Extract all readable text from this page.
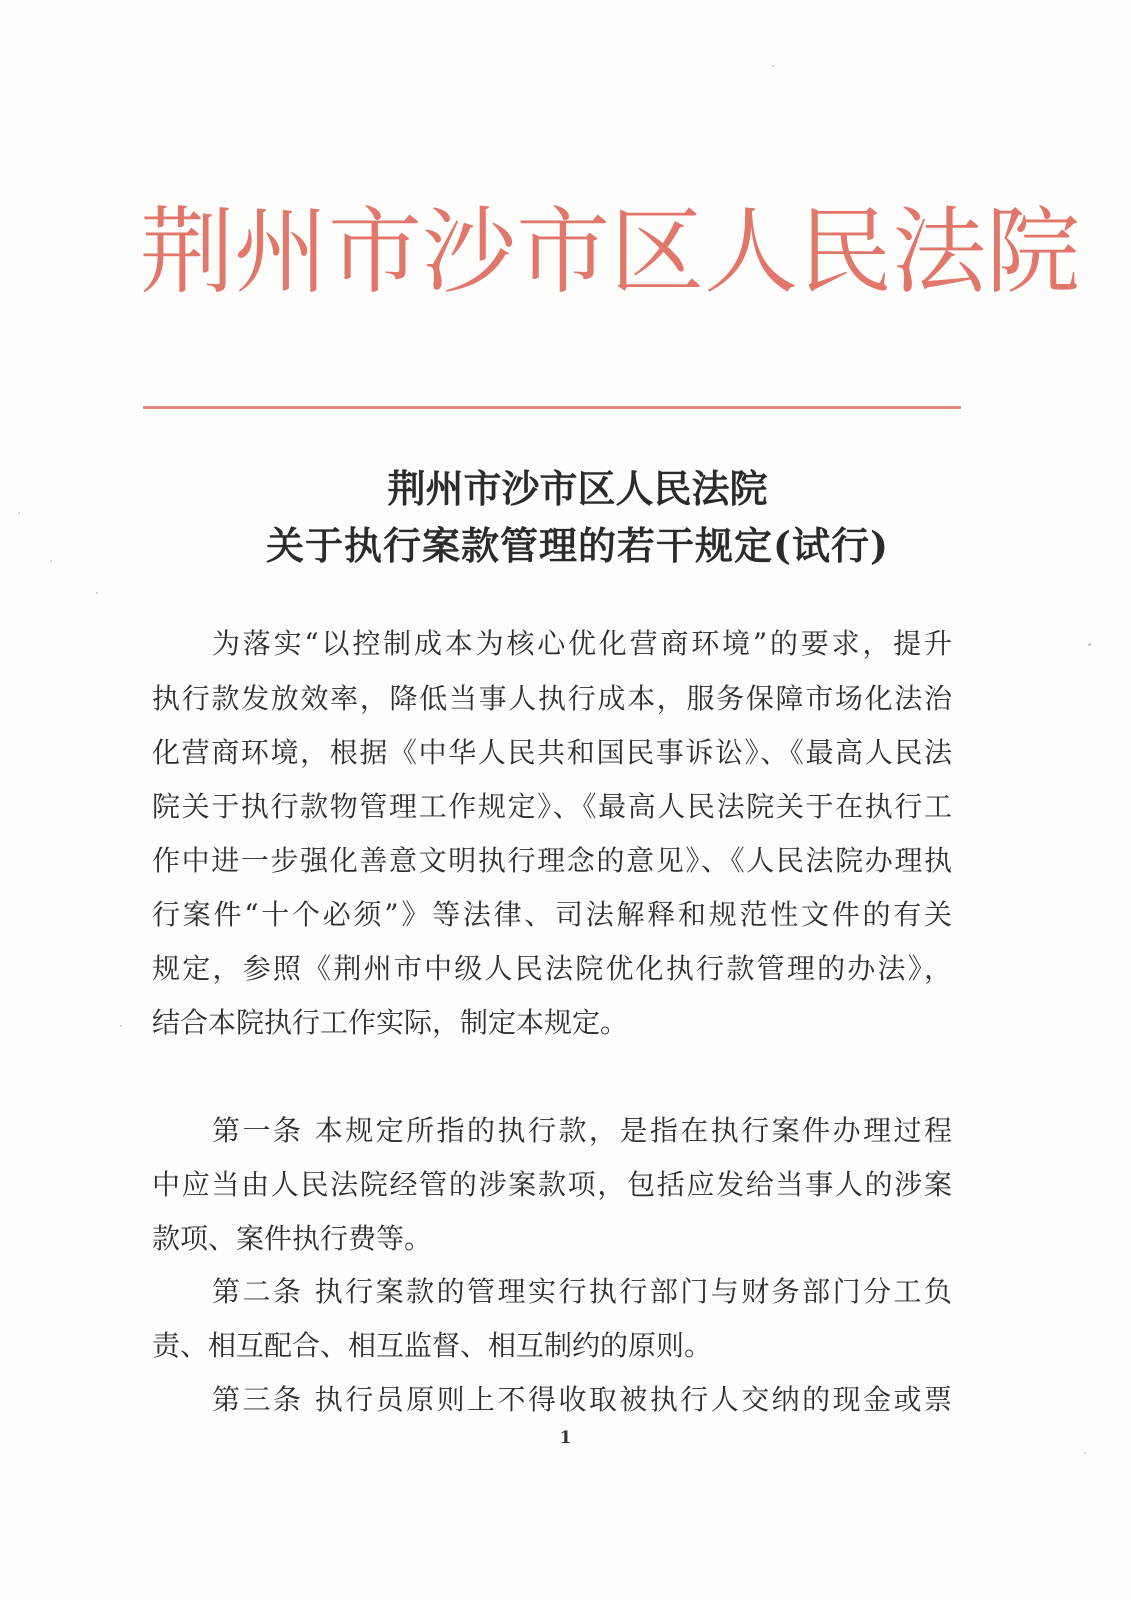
荆 州 市 沙 市 区 人 民 法 院
荆州市沙市区人民法院
关于执行案款管理的若干规定(试行)
为落实“以控制成本为核心优化营商环境”的要求，提升
执行款发放效率，降低当事人执行成本，服务保障市场化法治
化营商环境，根据《中华人民共和国民事诉讼》、《最高人民法
院关于执行款物管理工作规定》、《最高人民法院关于在执行工
作中进一步强化善意文明执行理念的意见》、《人民法院办理执
行案件“十个必须”》等法律、司法解释和规范性文件的有关
规定，参照《荆州市中级人民法院优化执行款管理的办法》，
结合本院执行工作实际，制定本规定。
第一条 本规定所指的执行款，是指在执行案件办理过程
中应当由人民法院经管的涉案款项，包括应发给当事人的涉案
款项、案件执行费等。
第二条 执行案款的管理实行执行部门与财务部门分工负
责、相互配合、相互监督、相互制约的原则。
第三条 执行员原则上不得收取被执行人交纳的现金或票
1
